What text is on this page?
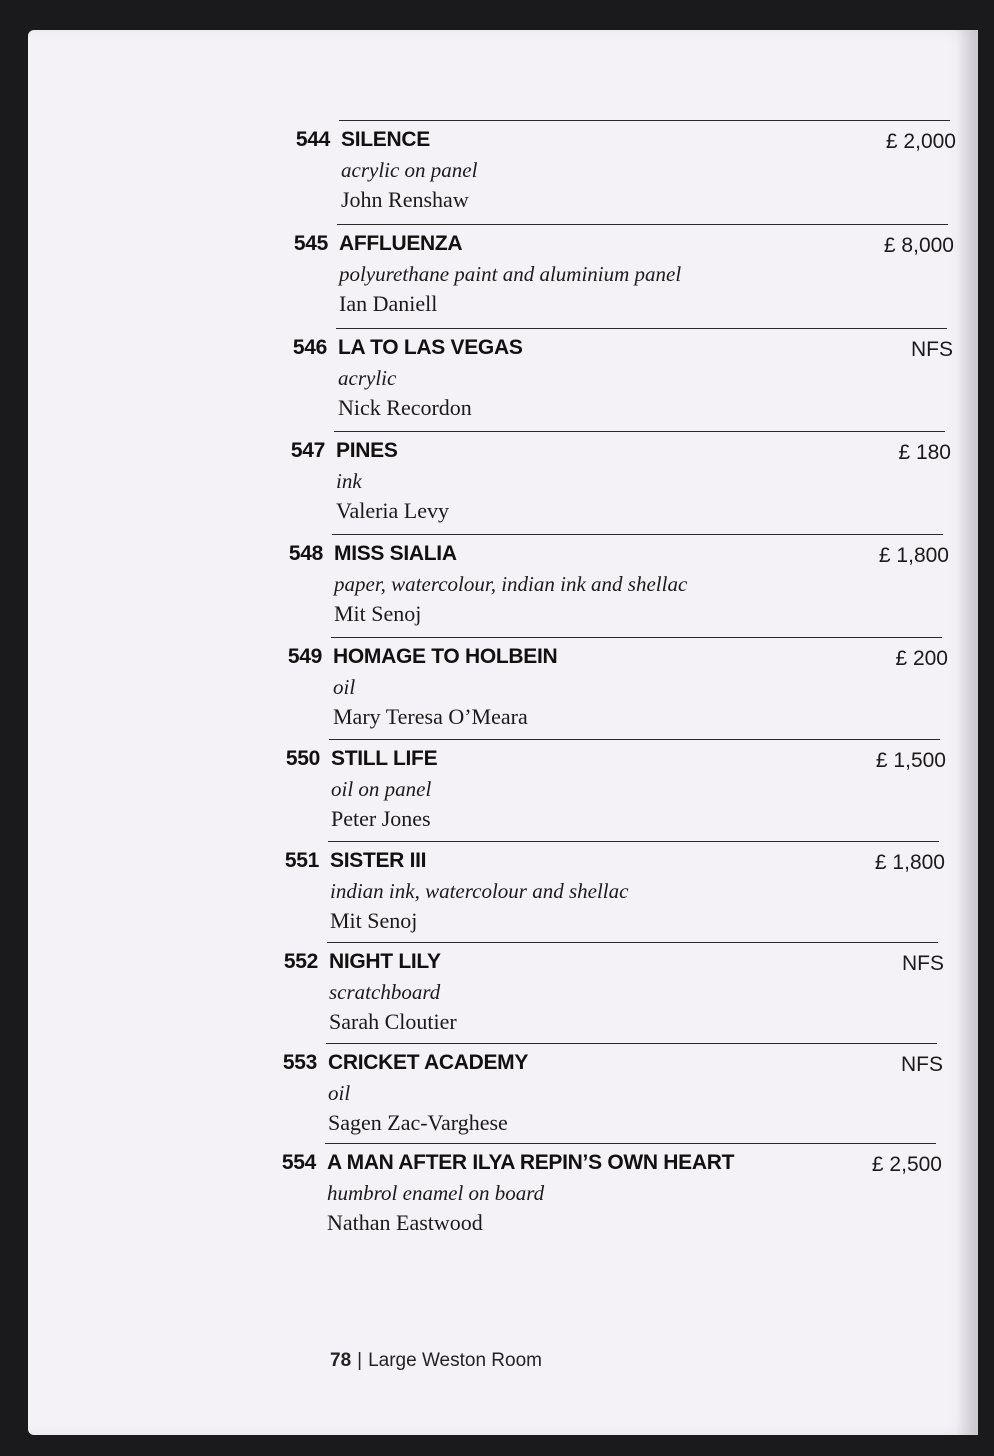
544 SILENCE
acrylic on panel
John Renshaw
£ 2,000
545 AFFLUENZA
polyurethane paint and aluminium panel
Ian Daniell
£ 8,000
546 LA TO LAS VEGAS
acrylic
Nick Recordon
NFS
547 PINES
ink
Valeria Levy
£ 180
548 MISS SIALIA
paper, watercolour, indian ink and shellac
Mit Senoj
£ 1,800
549 HOMAGE TO HOLBEIN
oil
Mary Teresa O’Meara
£ 200
550 STILL LIFE
oil on panel
Peter Jones
£ 1,500
551 SISTER III
indian ink, watercolour and shellac
Mit Senoj
£ 1,800
552 NIGHT LILY
scratchboard
Sarah Cloutier
NFS
553 CRICKET ACADEMY
oil
Sagen Zac-Varghese
NFS
554 A MAN AFTER ILYA REPIN’S OWN HEART
humbrol enamel on board
Nathan Eastwood
£ 2,500
78 | Large Weston Room
